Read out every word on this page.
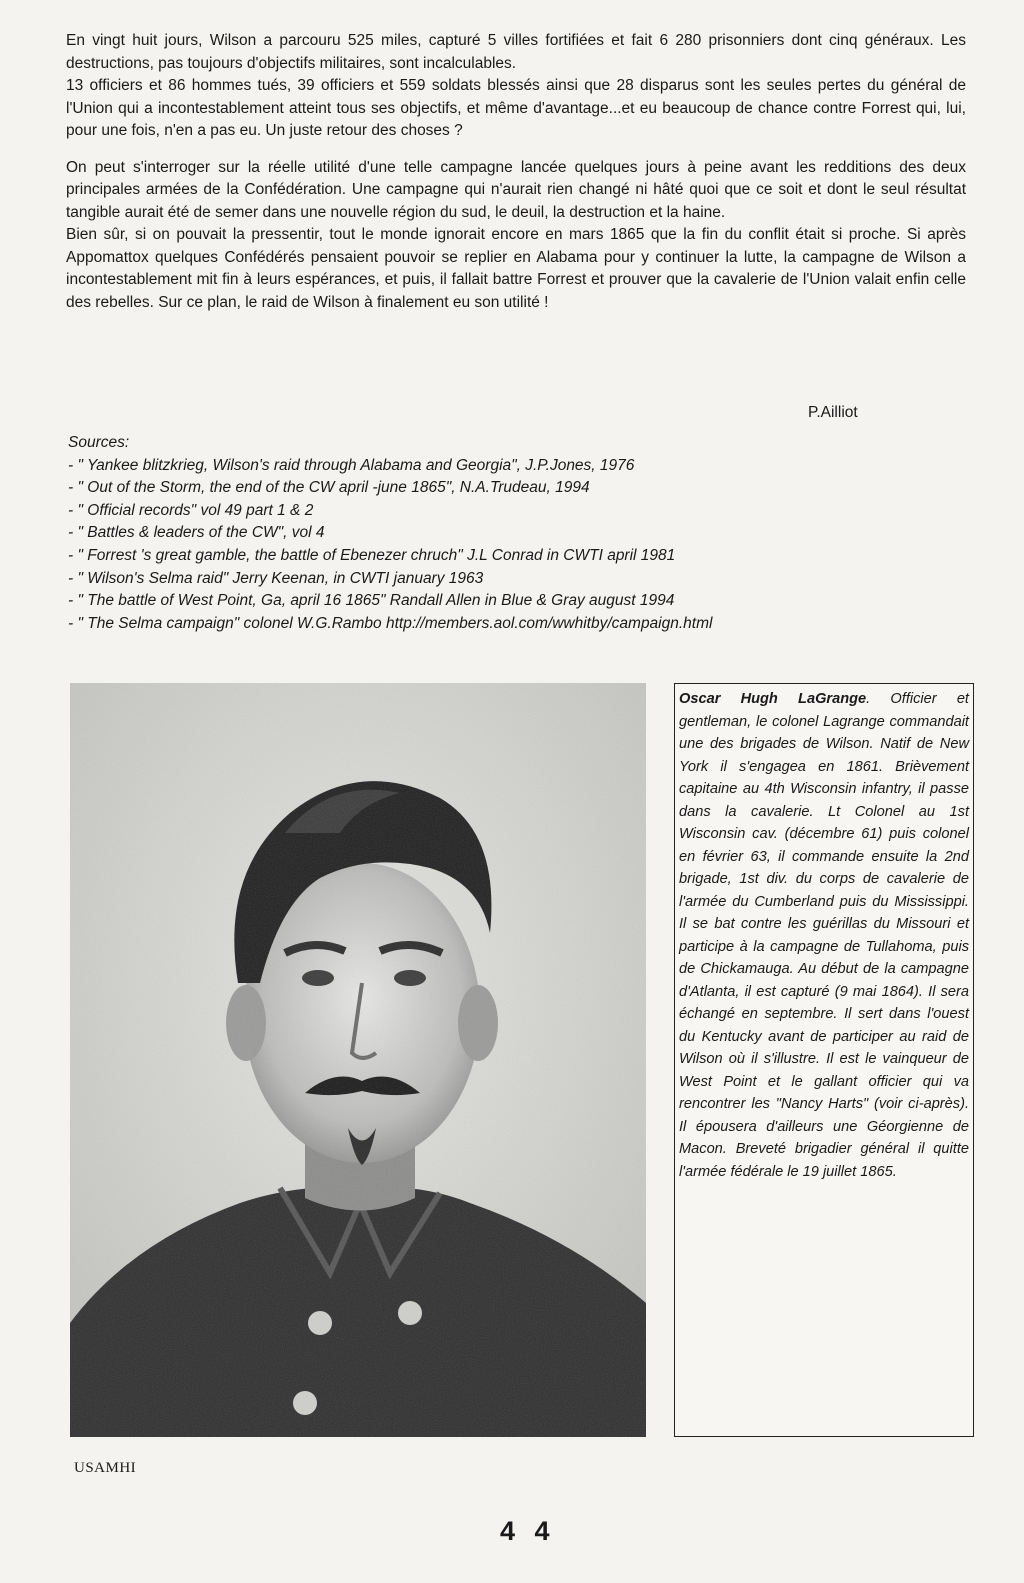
En vingt huit jours, Wilson a parcouru 525 miles, capturé 5 villes fortifiées et fait 6 280 prisonniers dont cinq généraux. Les destructions, pas toujours d'objectifs militaires, sont incalculables.

13 officiers et 86 hommes tués, 39 officiers et 559 soldats blessés ainsi que 28 disparus sont les seules pertes du général de l'Union qui a incontestablement atteint tous ses objectifs, et même d'avantage...et eu beaucoup de chance contre Forrest qui, lui, pour une fois, n'en a pas eu. Un juste retour des choses ?

On peut s'interroger sur la réelle utilité d'une telle campagne lancée quelques jours à peine avant les redditions des deux principales armées de la Confédération. Une campagne qui n'aurait rien changé ni hâté quoi que ce soit et dont le seul résultat tangible aurait été de semer dans une nouvelle région du sud, le deuil, la destruction et la haine.

Bien sûr, si on pouvait la pressentir, tout le monde ignorait encore en mars 1865 que la fin du conflit était si proche. Si après Appomattox quelques Confédérés pensaient pouvoir se replier en Alabama pour y continuer la lutte, la campagne de Wilson a incontestablement mit fin à leurs espérances, et puis, il fallait battre Forrest et prouver que la cavalerie de l'Union valait enfin celle des rebelles. Sur ce plan, le raid de Wilson à finalement eu son utilité !

P.Ailliot
Sources:
- " Yankee blitzkrieg, Wilson's raid through Alabama and Georgia", J.P.Jones, 1976
- " Out of the Storm, the end of the CW april -june 1865", N.A.Trudeau, 1994
- " Official records" vol 49 part 1 & 2
- " Battles & leaders of the CW", vol 4
- " Forrest 's great gamble, the battle of Ebenezer chruch" J.L Conrad in CWTI april 1981
- " Wilson's Selma raid" Jerry Keenan, in CWTI january 1963
- " The battle of West Point, Ga, april 16 1865" Randall Allen in Blue & Gray august 1994
- " The Selma campaign" colonel W.G.Rambo http://members.aol.com/wwhitby/campaign.html
USAMHI
Oscar Hugh LaGrange. Officier et gentleman, le colonel Lagrange commandait une des brigades de Wilson. Natif de New York il s'engagea en 1861. Brièvement capitaine au 4th Wisconsin infantry, il passe dans la cavalerie. Lt Colonel au 1st Wisconsin cav. (décembre 61) puis colonel en février 63, il commande ensuite la 2nd brigade, 1st div. du corps de cavalerie de l'armée du Cumberland puis du Mississippi. Il se bat contre les guérillas du Missouri et participe à la campagne de Tullahoma, puis de Chickamauga. Au début de la campagne d'Atlanta, il est capturé (9 mai 1864). Il sera échangé en septembre. Il sert dans l'ouest du Kentucky avant de participer au raid de Wilson où il s'illustre. Il est le vainqueur de West Point et le gallant officier qui va rencontrer les "Nancy Harts" (voir ci-après). Il épousera d'ailleurs une Géorgienne de Macon. Breveté brigadier général il quitte l'armée fédérale le 19 juillet 1865.
4 4
